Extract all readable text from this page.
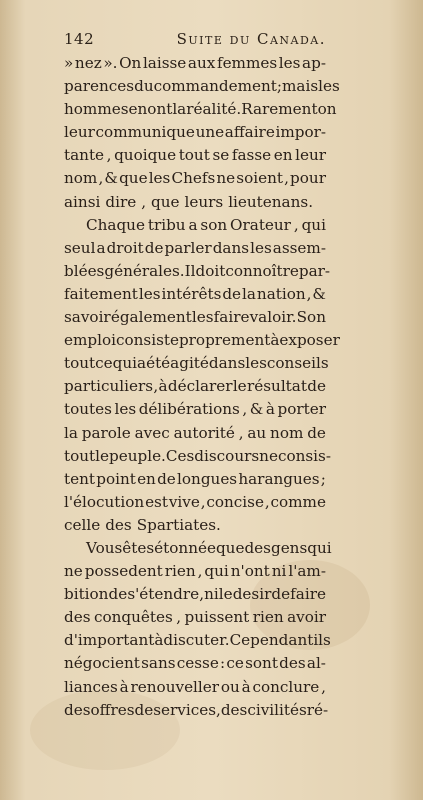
142	Suite du Canada.
» nez ». On laisse aux femmes les ap-
parences du commandement ; mais les
hommes en ont la réalité. Rarement on
leur communique une affaire impor-
tante , quoique tout se fasse en leur
nom , & que les Chefs ne soient , pour
ainsi dire , que leurs lieutenans.
Chaque tribu a son Orateur , qui
seul a droit de parler dans les assem-
blées générales. Il doit connoître par-
faitement les intérêts de la nation , &
savoir également les faire valoir. Son
emploi consiste proprement à exposer
tout ce qui a été agité dans les conseils
particuliers , à déclarer le résultat de
toutes les délibérations , & à porter
la parole avec autorité , au nom de
tout le peuple. Ces discours ne consis-
tent point en de longues harangues ;
l'élocution est vive , concise , comme
celle des Spartiates.
Vous êtes étonnée que des gens qui
ne possedent rien , qui n'ont ni l'am-
bition de s'étendre , ni le desir de faire
des conquêtes , puissent rien avoir
d'important à discuter. Cependant ils
négocient sans cesse : ce sont des al-
liances à renouveller ou à conclure ,
des offres de services , des civilités ré-
